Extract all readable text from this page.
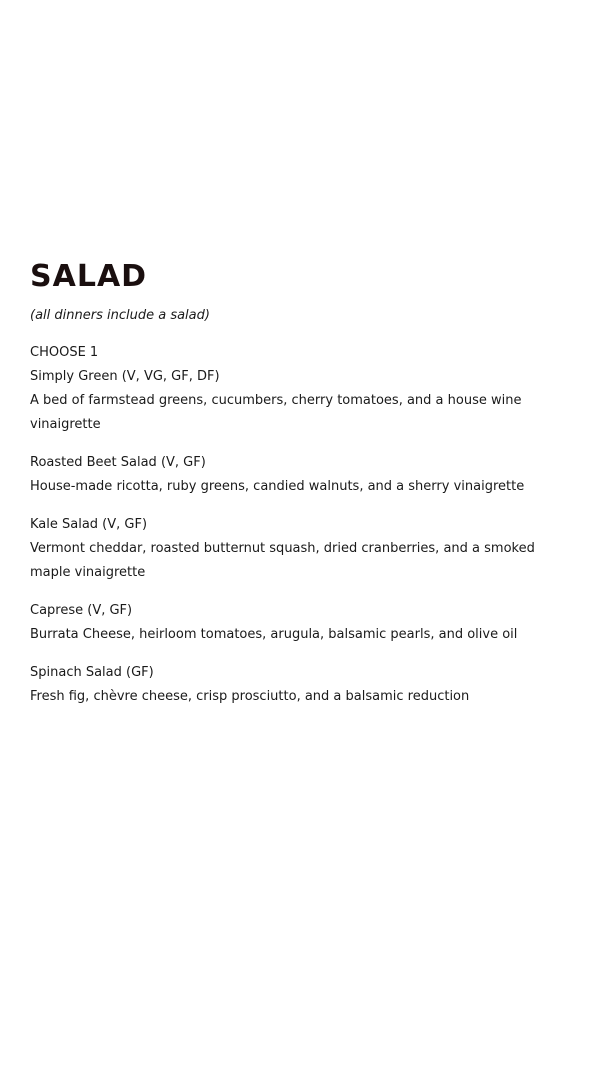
SALAD

(all dinners include a salad)

CHOOSE 1
Simply Green (V, VG, GF, DF)
A bed of farmstead greens, cucumbers, cherry tomatoes, and a house wine vinaigrette
Roasted Beet Salad (V, GF)
House-made ricotta, ruby greens, candied walnuts, and a sherry vinaigrette
Kale Salad (V, GF)
Vermont cheddar, roasted butternut squash, dried cranberries, and a smoked maple vinaigrette
Caprese (V, GF)
Burrata Cheese, heirloom tomatoes, arugula, balsamic pearls, and olive oil
Spinach Salad (GF)
Fresh fig, chèvre cheese, crisp prosciutto, and a balsamic reduction
